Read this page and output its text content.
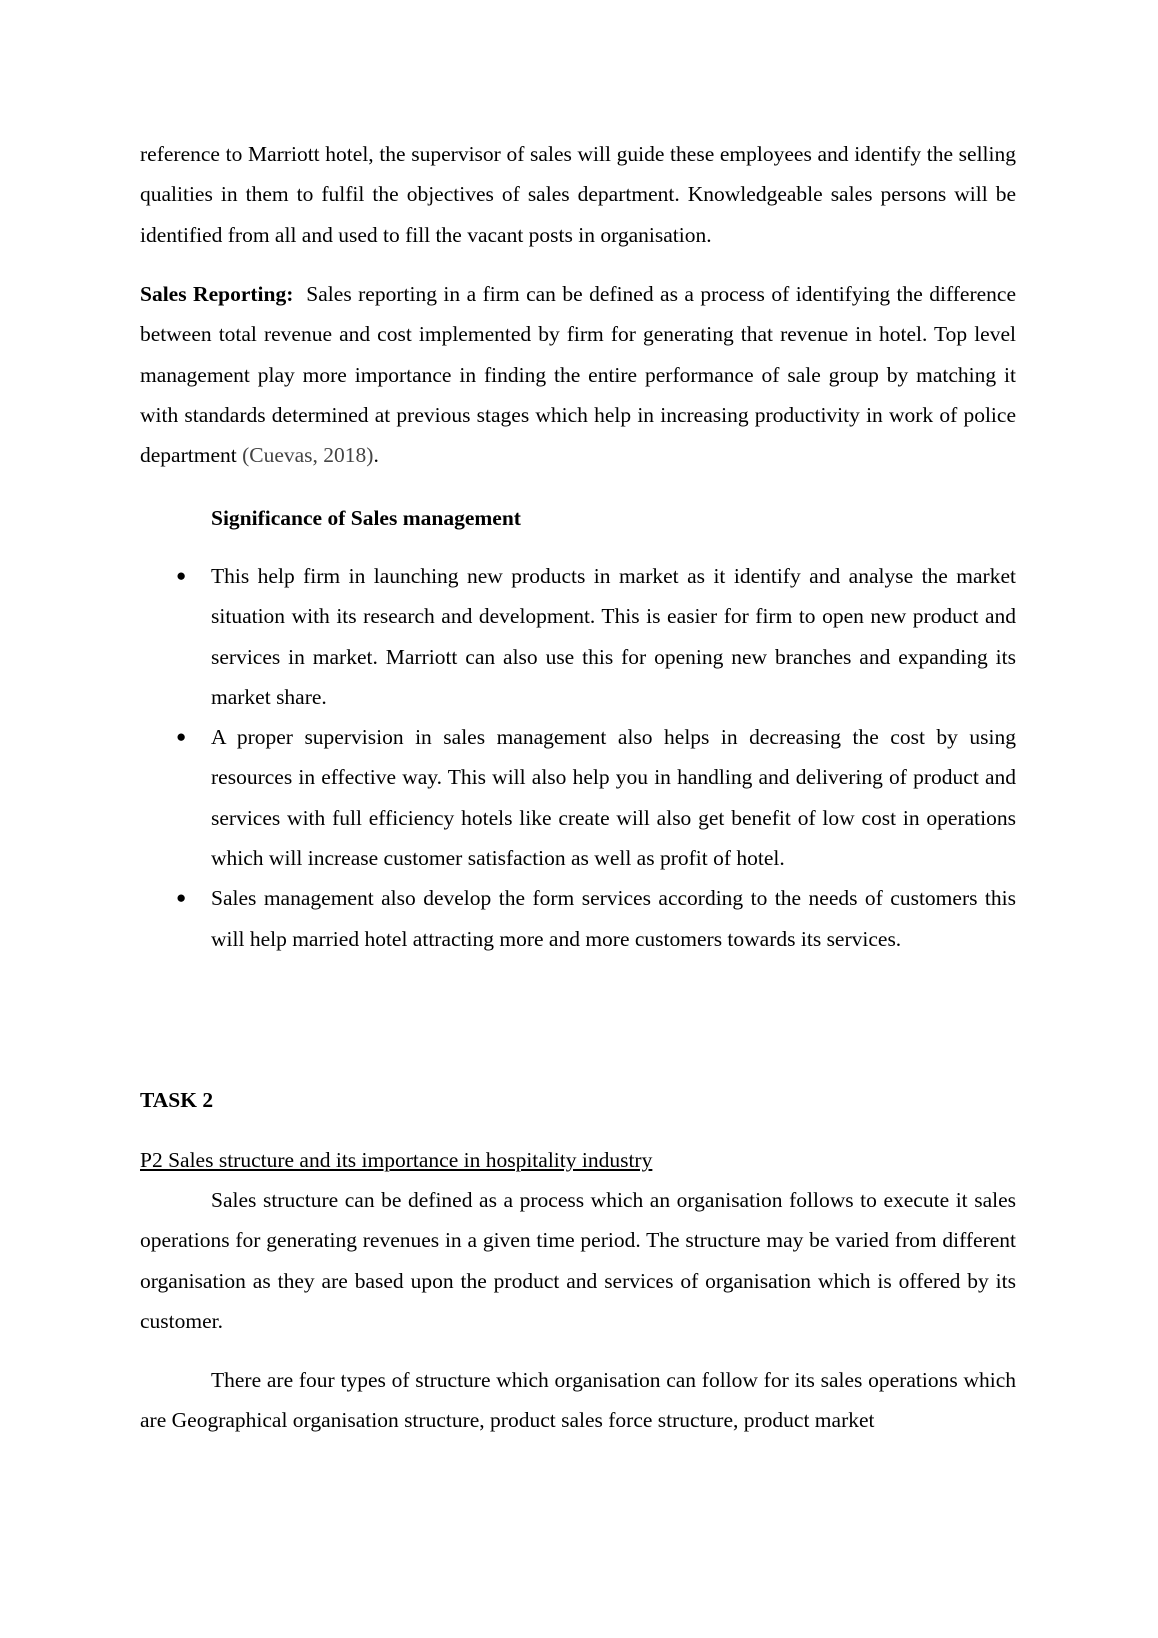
reference to Marriott hotel, the supervisor of sales will guide these employees and identify the selling qualities in them to fulfil the objectives of sales department. Knowledgeable sales persons will be identified from all and used to fill the vacant posts in organisation.

Sales Reporting: Sales reporting in a firm can be defined as a process of identifying the difference between total revenue and cost implemented by firm for generating that revenue in hotel. Top level management play more importance in finding the entire performance of sale group by matching it with standards determined at previous stages which help in increasing productivity in work of police department (Cuevas, 2018).

Significance of Sales management

● This help firm in launching new products in market as it identify and analyse the market situation with its research and development. This is easier for firm to open new product and services in market. Marriott can also use this for opening new branches and expanding its market share.
● A proper supervision in sales management also helps in decreasing the cost by using resources in effective way. This will also help you in handling and delivering of product and services with full efficiency hotels like create will also get benefit of low cost in operations which will increase customer satisfaction as well as profit of hotel.
● Sales management also develop the form services according to the needs of customers this will help married hotel attracting more and more customers towards its services.

TASK 2

P2 Sales structure and its importance in hospitality industry

Sales structure can be defined as a process which an organisation follows to execute it sales operations for generating revenues in a given time period. The structure may be varied from different organisation as they are based upon the product and services of organisation which is offered by its customer.

There are four types of structure which organisation can follow for its sales operations which are Geographical organisation structure, product sales force structure, product market
